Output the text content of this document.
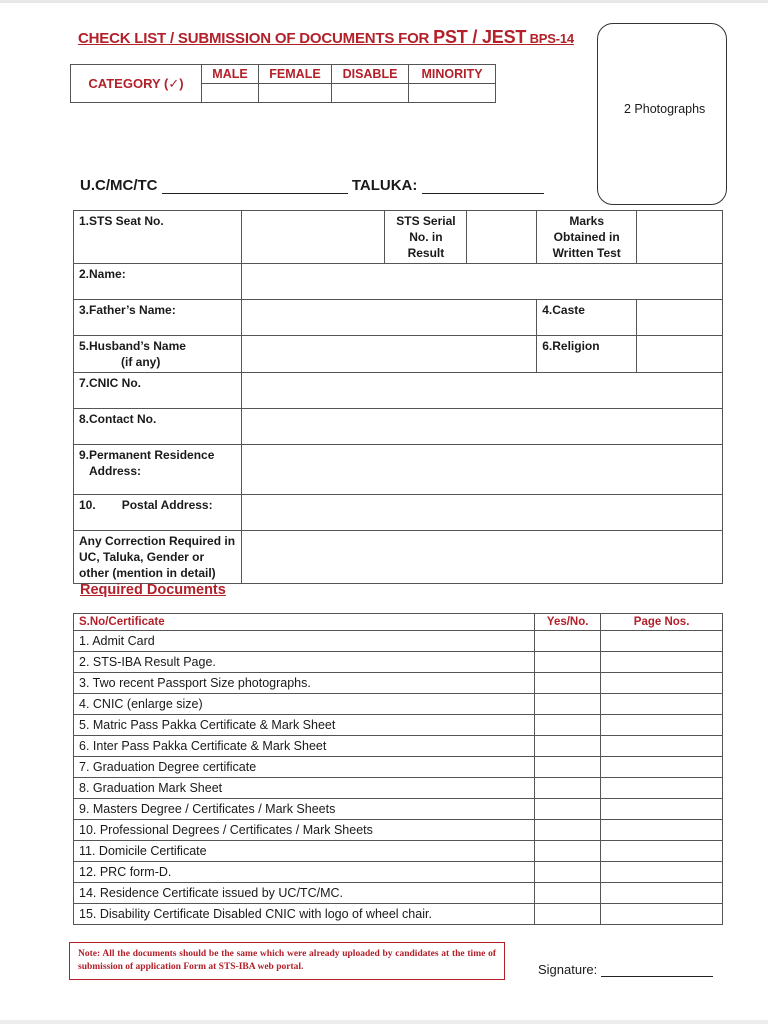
CHECK LIST / SUBMISSION OF DOCUMENTS FOR PST / JEST BPS-14
CATEGORY (✓)	MALE	FEMALE	DISABLE	MINORITY

2 Photographs
U.C/MC/TC	TALUKA:
1.STS Seat No.		STS Serial No. in Result		Marks Obtained in Written Test	
2.Name:					
3.Father’s Name:				4.Caste	
5.Husband’s Name
(if any)				6.Religion	
7.CNIC No.					
8.Contact No.					
9.Permanent Residence
Address:					
10. Postal Address:					
Any Correction Required in UC, Taluka, Gender or other (mention in detail)					
Required Documents
S.No/Certificate	Yes/No.	Page Nos.
1. Admit Card		
2. STS-IBA Result Page.		
3. Two recent Passport Size photographs.		
4. CNIC (enlarge size)		
5. Matric Pass Pakka Certificate & Mark Sheet		
6. Inter Pass Pakka Certificate & Mark Sheet		
7. Graduation Degree certificate		
8. Graduation Mark Sheet		
9. Masters Degree / Certificates / Mark Sheets		
10. Professional Degrees / Certificates / Mark Sheets		
11. Domicile Certificate		
12. PRC form-D.		
14. Residence Certificate issued by UC/TC/MC.		
15. Disability Certificate Disabled CNIC with logo of wheel chair.		
Note: All the documents should be the same which were already uploaded by candidates at the time of submission of application Form at STS-IBA web portal.	Signature:
